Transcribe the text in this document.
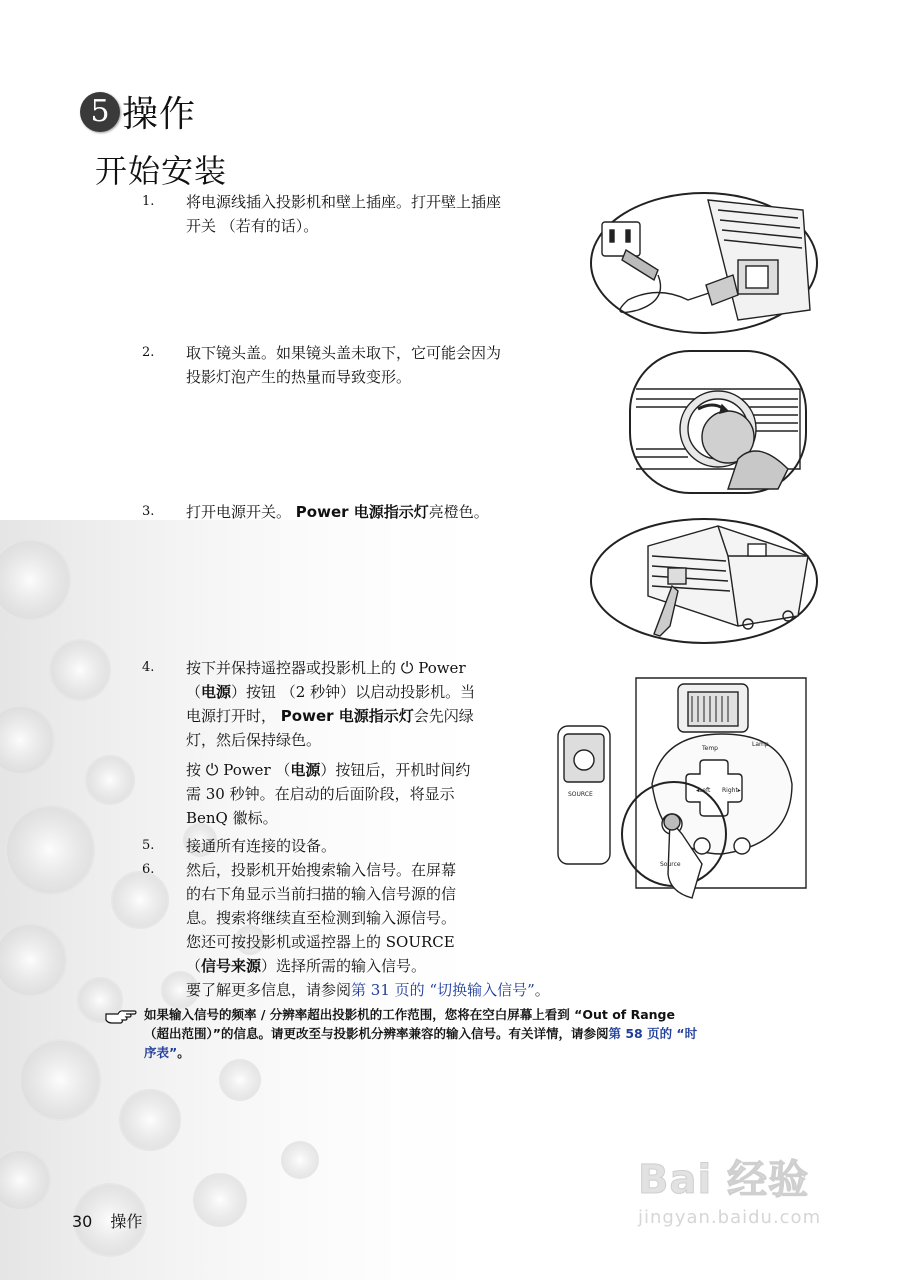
5 操作
开始安装
1.	将电源线插入投影机和壁上插座。打开壁上插座

开关 （若有的话）。

2.	取下镜头盖。如果镜头盖未取下，它可能会因为

投影灯泡产生的热量而导致变形。

3.	打开电源开关。 Power 电源指示灯亮橙色。

4.	按下并保持遥控器或投影机上的 ⏻ Power

（电源）按钮 （2 秒钟）以启动投影机。当

电源打开时， Power 电源指示灯会先闪绿

灯，然后保持绿色。

按 ⏻ Power （电源）按钮后，开机时间约

需 30 秒钟。在启动的后面阶段，将显示

BenQ 徽标。

5.	接通所有连接的设备。

6.	然后，投影机开始搜索输入信号。在屏幕

的右下角显示当前扫描的输入信号源的信

息。搜索将继续直至检测到输入源信号。

您还可按投影机或遥控器上的 SOURCE

（信号来源）选择所需的输入信号。

要了解更多信息，请参阅第 31 页的 “切换输入信号”。

如果输入信号的频率 / 分辨率超出投影机的工作范围，您将在空白屏幕上看到 “Out of Range
（超出范围）”的信息。请更改至与投影机分辨率兼容的输入信号。有关详情，请参阅第 58 页的 “时
序表”。
Temp
Lamp
◂Left Right▸
SOURCE
Source
30 操作
Bai 经验
jingyan.baidu.com
